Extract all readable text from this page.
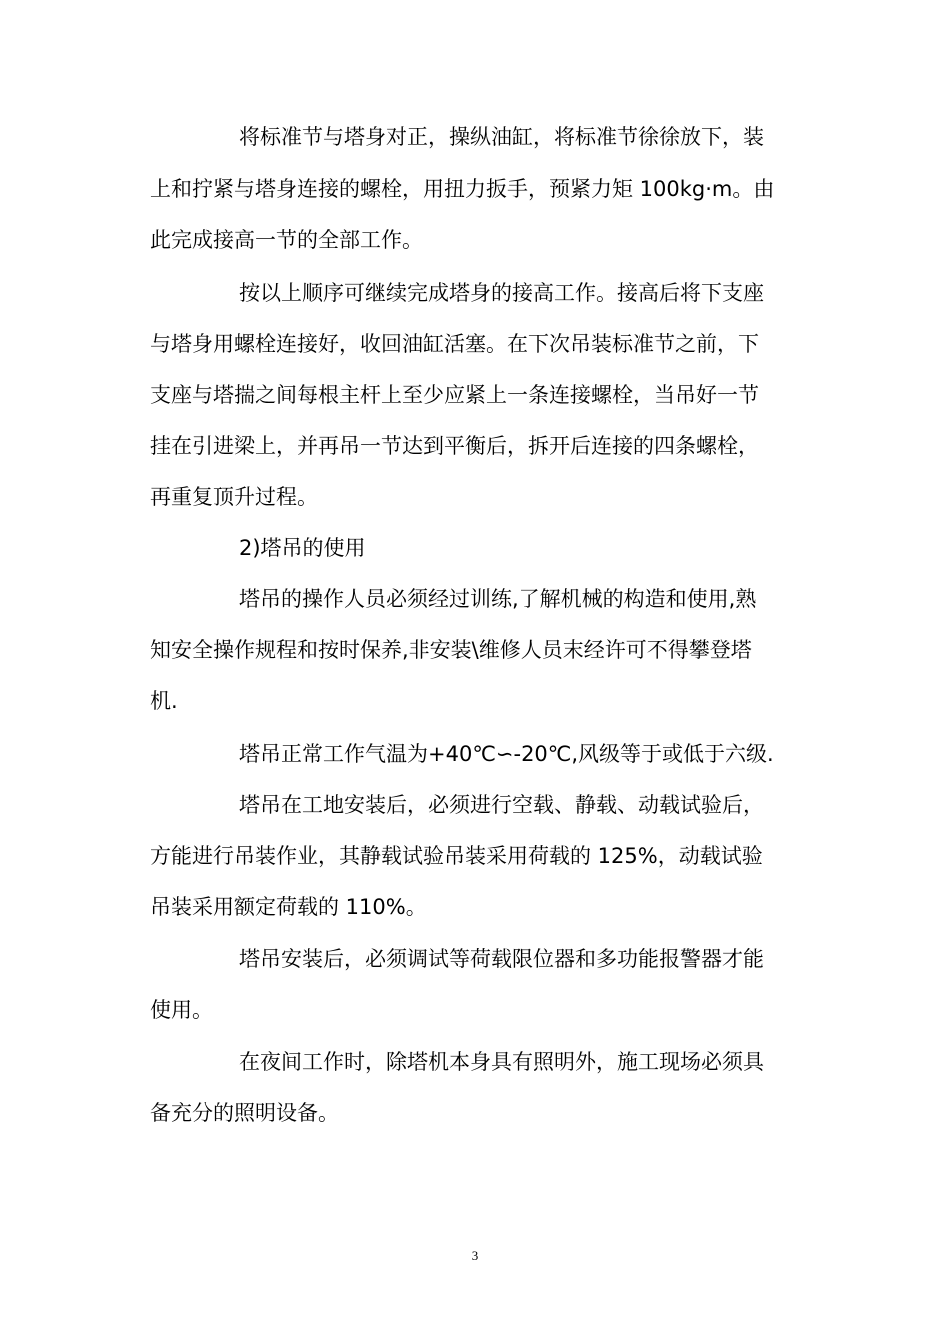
将标准节与塔身对正，操纵油缸，将标准节徐徐放下，装
上和拧紧与塔身连接的螺栓，用扭力扳手，预紧力矩 100kg·m。由
此完成接高一节的全部工作。
按以上顺序可继续完成塔身的接高工作。接高后将下支座
与塔身用螺栓连接好，收回油缸活塞。在下次吊装标准节之前，下
支座与塔揣之间每根主杆上至少应紧上一条连接螺栓，当吊好一节
挂在引进梁上，并再吊一节达到平衡后，拆开后连接的四条螺栓，
再重复顶升过程。
2)塔吊的使用
塔吊的操作人员必须经过训练,了解机械的构造和使用,熟
知安全操作规程和按时保养,非安装\维修人员末经许可不得攀登塔
机.
塔吊正常工作气温为+40℃∽-20℃,风级等于或低于六级.
塔吊在工地安装后，必须进行空载、静载、动载试验后，
方能进行吊装作业，其静载试验吊装采用荷载的 125%，动载试验
吊装采用额定荷载的 110%。
塔吊安装后，必须调试等荷载限位器和多功能报警器才能
使用。
在夜间工作时，除塔机本身具有照明外，施工现场必须具
备充分的照明设备。
3
